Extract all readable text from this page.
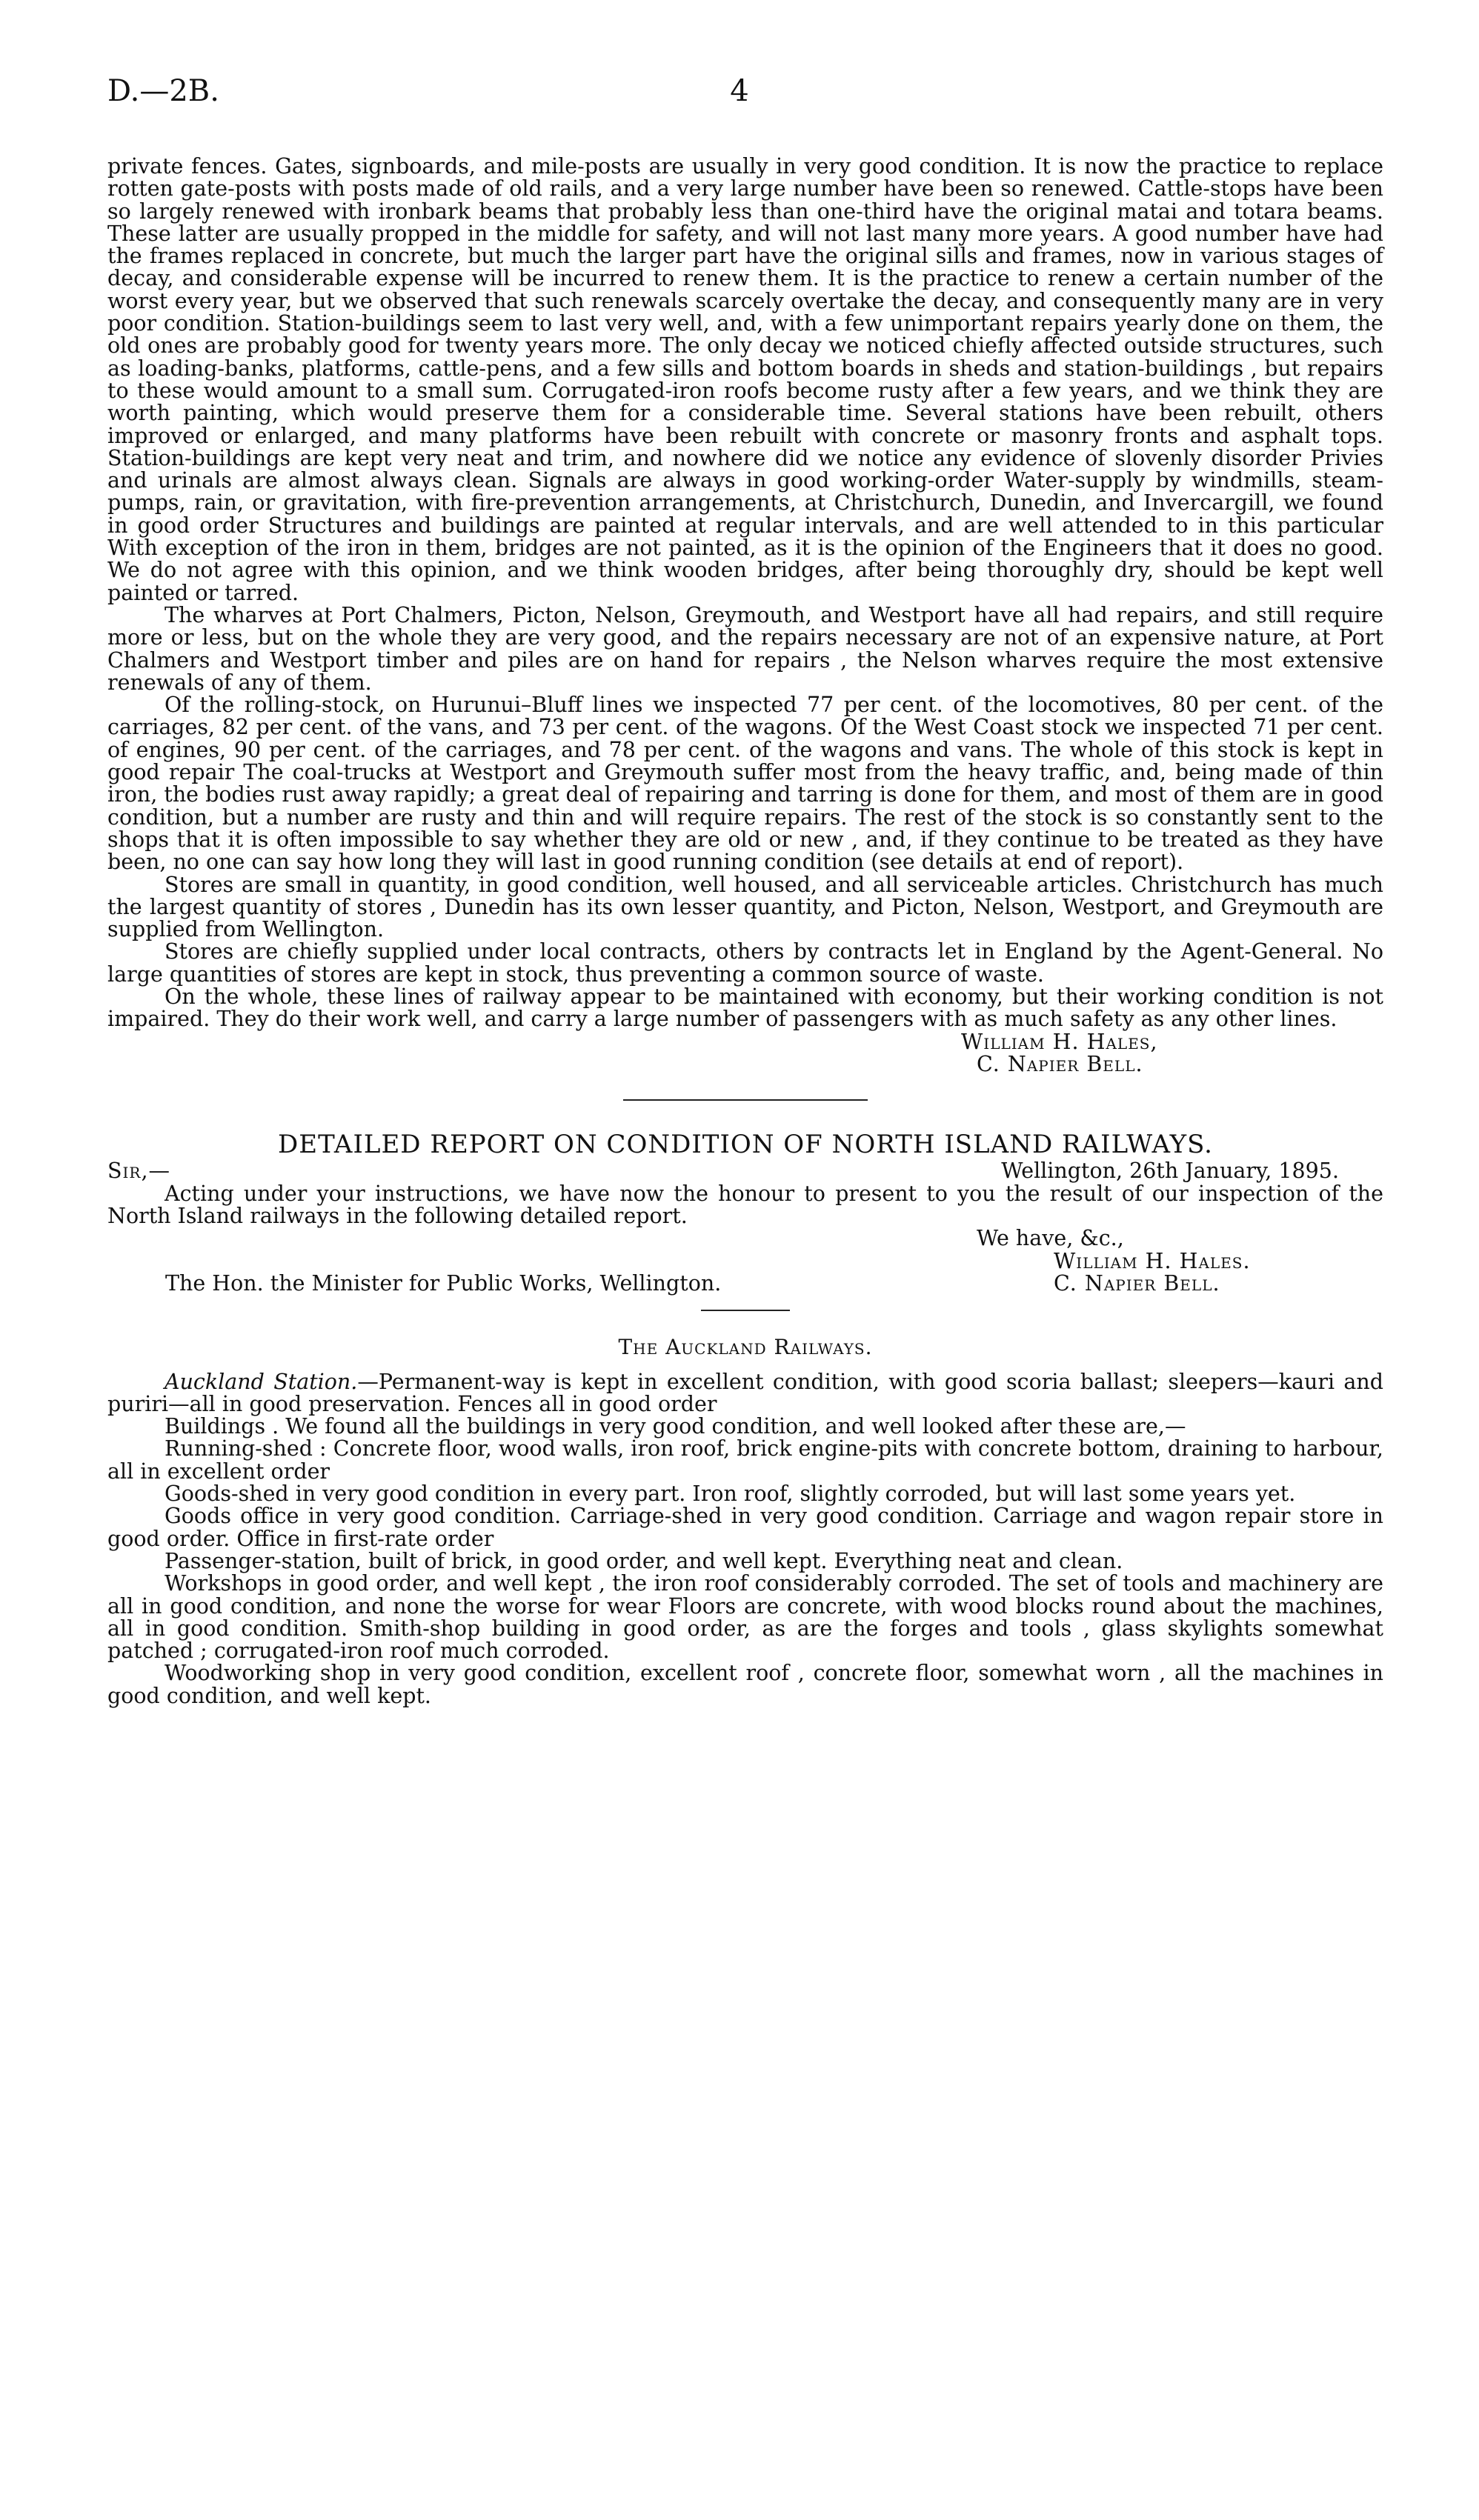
D.—2B.	4

private fences. Gates, signboards, and mile-posts are usually in very good condition. It is now the practice to replace rotten gate-posts with posts made of old rails, and a very large number have been so renewed. Cattle-stops have been so largely renewed with ironbark beams that probably less than one-third have the original matai and totara beams. These latter are usually propped in the middle for safety, and will not last many more years. A good number have had the frames replaced in concrete, but much the larger part have the original sills and frames, now in various stages of decay, and considerable expense will be incurred to renew them. It is the practice to renew a certain number of the worst every year, but we observed that such renewals scarcely overtake the decay, and consequently many are in very poor condition. Station-buildings seem to last very well, and, with a few unimportant repairs yearly done on them, the old ones are probably good for twenty years more. The only decay we noticed chiefly affected outside structures, such as loading-banks, platforms, cattle-pens, and a few sills and bottom boards in sheds and station-buildings , but repairs to these would amount to a small sum. Corrugated-iron roofs become rusty after a few years, and we think they are worth painting, which would preserve them for a considerable time. Several stations have been rebuilt, others improved or enlarged, and many platforms have been rebuilt with concrete or masonry fronts and asphalt tops. Station-buildings are kept very neat and trim, and nowhere did we notice any evidence of slovenly disorder Privies and urinals are almost always clean. Signals are always in good working-order Water-supply by windmills, steam-pumps, rain, or gravitation, with fire-prevention arrangements, at Christchurch, Dunedin, and Invercargill, we found in good order Structures and buildings are painted at regular intervals, and are well attended to in this particular With exception of the iron in them, bridges are not painted, as it is the opinion of the Engineers that it does no good. We do not agree with this opinion, and we think wooden bridges, after being thoroughly dry, should be kept well painted or tarred.

The wharves at Port Chalmers, Picton, Nelson, Greymouth, and Westport have all had repairs, and still require more or less, but on the whole they are very good, and the repairs necessary are not of an expensive nature, at Port Chalmers and Westport timber and piles are on hand for repairs , the Nelson wharves require the most extensive renewals of any of them.

Of the rolling-stock, on Hurunui–Bluff lines we inspected 77 per cent. of the locomotives, 80 per cent. of the carriages, 82 per cent. of the vans, and 73 per cent. of the wagons. Of the West Coast stock we inspected 71 per cent. of engines, 90 per cent. of the carriages, and 78 per cent. of the wagons and vans. The whole of this stock is kept in good repair The coal-trucks at Westport and Greymouth suffer most from the heavy traffic, and, being made of thin iron, the bodies rust away rapidly; a great deal of repairing and tarring is done for them, and most of them are in good condition, but a number are rusty and thin and will require repairs. The rest of the stock is so constantly sent to the shops that it is often impossible to say whether they are old or new , and, if they continue to be treated as they have been, no one can say how long they will last in good running condition (see details at end of report).

Stores are small in quantity, in good condition, well housed, and all serviceable articles. Christchurch has much the largest quantity of stores , Dunedin has its own lesser quantity, and Picton, Nelson, Westport, and Greymouth are supplied from Wellington.

Stores are chiefly supplied under local contracts, others by contracts let in England by the Agent-General. No large quantities of stores are kept in stock, thus preventing a common source of waste.

On the whole, these lines of railway appear to be maintained with economy, but their working condition is not impaired. They do their work well, and carry a large number of passengers with as much safety as any other lines.

William H. Hales,
C. Napier Bell.
DETAILED REPORT ON CONDITION OF NORTH ISLAND RAILWAYS.
Sir,—	Wellington, 26th January, 1895.

Acting under your instructions, we have now the honour to present to you the result of our inspection of the North Island railways in the following detailed report.

We have, &c.,
William H. Hales.
The Hon. the Minister for Public Works, Wellington.	C. Napier Bell.
The Auckland Railways.

Auckland Station.—Permanent-way is kept in excellent condition, with good scoria ballast; sleepers—kauri and puriri—all in good preservation. Fences all in good order

Buildings . We found all the buildings in very good condition, and well looked after these are,—

Running-shed : Concrete floor, wood walls, iron roof, brick engine-pits with concrete bottom, draining to harbour, all in excellent order

Goods-shed in very good condition in every part. Iron roof, slightly corroded, but will last some years yet.

Goods office in very good condition. Carriage-shed in very good condition. Carriage and wagon repair store in good order. Office in first-rate order

Passenger-station, built of brick, in good order, and well kept. Everything neat and clean.

Workshops in good order, and well kept , the iron roof considerably corroded. The set of tools and machinery are all in good condition, and none the worse for wear Floors are concrete, with wood blocks round about the machines, all in good condition. Smith-shop building in good order, as are the forges and tools , glass skylights somewhat patched ; corrugated-iron roof much corroded.

Woodworking shop in very good condition, excellent roof , concrete floor, somewhat worn , all the machines in good condition, and well kept.
